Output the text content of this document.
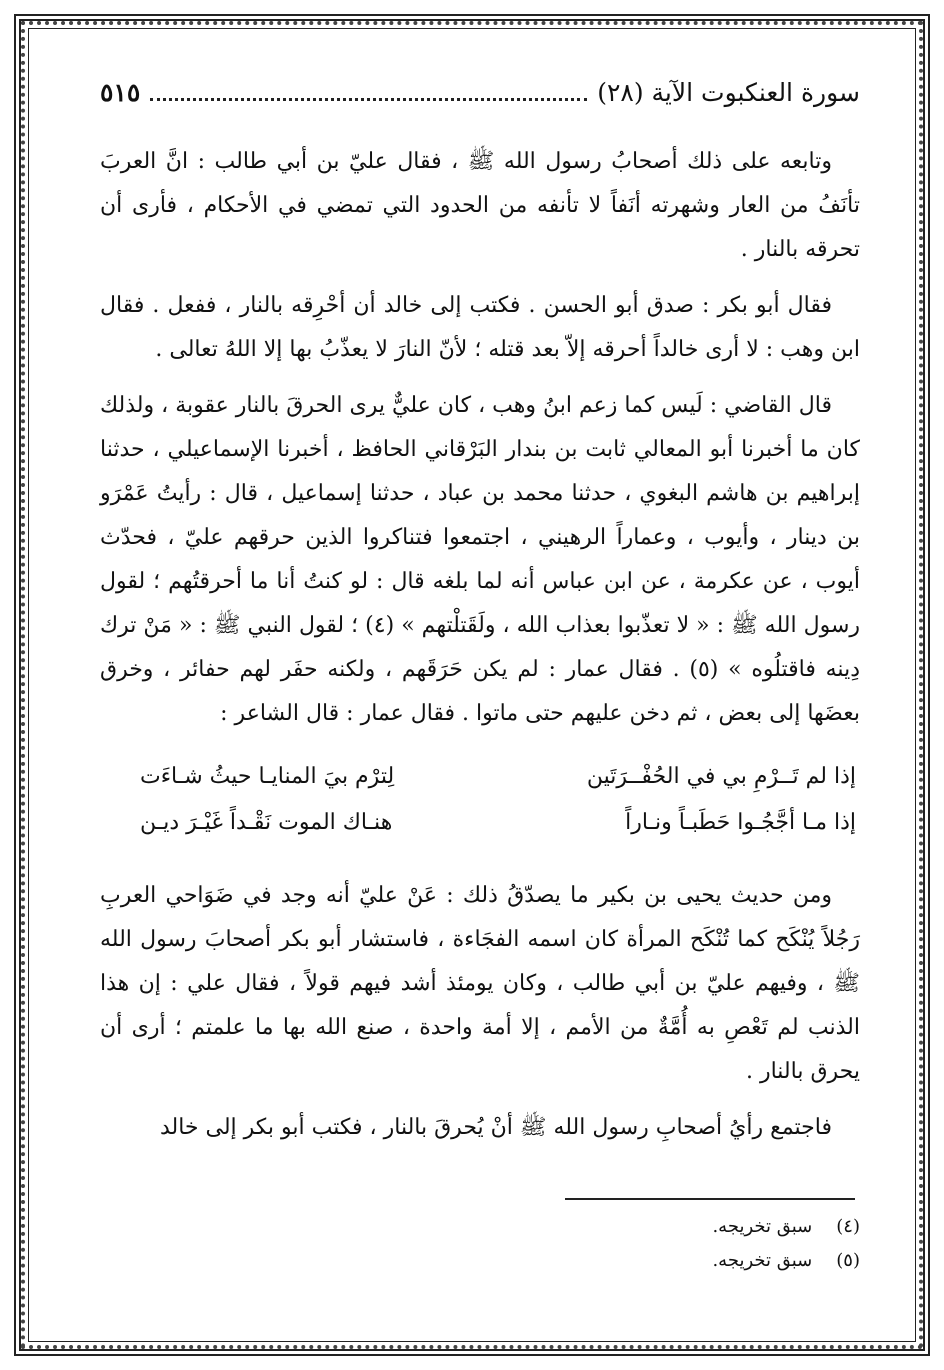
سورة العنكبوت الآية (٢٨)
٥١٥

وتابعه على ذلك أصحابُ رسول الله ﷺ ، فقال عليّ بن أبي طالب : انَّ العربَ تأنَفُ من العار وشهرته أنَفاً لا تأنفه من الحدود التي تمضي في الأحكام ، فأرى أن تحرقه بالنار .

فقال أبو بكر : صدق أبو الحسن . فكتب إلى خالد أن أحْرِقه بالنار ، ففعل . فقال ابن وهب : لا أرى خالداً أحرقه إلاّ بعد قتله ؛ لأنّ النارَ لا يعذّبُ بها إلا اللهُ تعالى .

قال القاضي : لَيس كما زعم ابنُ وهب ، كان عليٌّ يرى الحرقَ بالنار عقوبة ، ولذلك كان ما أخبرنا أبو المعالي ثابت بن بندار البَرْقاني الحافظ ، أخبرنا الإسماعيلي ، حدثنا إبراهيم بن هاشم البغوي ، حدثنا محمد بن عباد ، حدثنا إسماعيل ، قال : رأيتُ عَمْرَو بن دينار ، وأيوب ، وعماراً الرهيني ، اجتمعوا فتناكروا الذين حرقهم عليّ ، فحدّث أيوب ، عن عكرمة ، عن ابن عباس أنه لما بلغه قال : لو كنتُ أنا ما أحرقتُهم ؛ لقول رسول الله ﷺ : « لا تعذّبوا بعذاب الله ، ولَقَتلْتهم » (٤) ؛ لقول النبي ﷺ : « مَنْ ترك دِينه فاقتلُوه » (٥) . فقال عمار : لم يكن حَرَقَهم ، ولكنه حفَر لهم حفائر ، وخرق بعضَها إلى بعض ، ثم دخن عليهم حتى ماتوا . فقال عمار : قال الشاعر :

إذا لم تَــرْمِ بي في الحُفْــرَتَين
لِترْم بيَ المنايـا حيثُ شـاءَت
إذا مـا أجَّجُـوا حَطَبـاً ونـاراً
هنـاك الموت نَقْـداً غَيْـرَ ديـن

ومن حديث يحيى بن بكير ما يصدّقُ ذلك : عَنْ عليّ أنه وجد في ضَوَاحي العربِ رَجُلاً يُنْكَح كما تُنْكَح المرأة كان اسمه الفجَاءة ، فاستشار أبو بكر أصحابَ رسول الله ﷺ ، وفيهم عليّ بن أبي طالب ، وكان يومئذ أشد فيهم قولاً ، فقال علي : إن هذا الذنب لم تَعْصِ به أُمَّةٌ من الأمم ، إلا أمة واحدة ، صنع الله بها ما علمتم ؛ أرى أن يحرق بالنار .

فاجتمع رأيُ أصحابِ رسول الله ﷺ أنْ يُحرقَ بالنار ، فكتب أبو بكر إلى خالد

(٤)
سبق تخريجه.
(٥)
سبق تخريجه.
